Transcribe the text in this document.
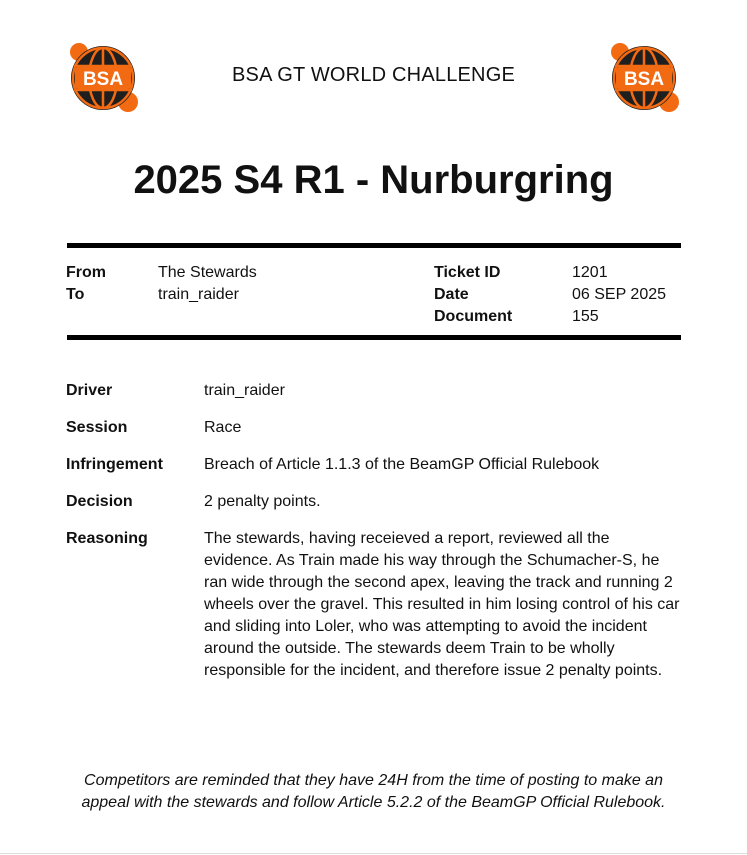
BSA	BSA GT WORLD CHALLENGE	BSA
2025 S4 R1 - Nurburgring
From	The Stewards
To	train_raider
Ticket ID	1201
Date	06 SEP 2025
Document	155
Driver	train_raider
Session	Race
Infringement	Breach of Article 1.1.3 of the BeamGP Official Rulebook
Decision	2 penalty points.
Reasoning	The stewards, having receieved a report, reviewed all the evidence. As Train made his way through the Schumacher-S, he ran wide through the second apex, leaving the track and running 2 wheels over the gravel. This resulted in him losing control of his car and sliding into Loler, who was attempting to avoid the incident around the outside. The stewards deem Train to be wholly responsible for the incident, and therefore issue 2 penalty points.
Competitors are reminded that they have 24H from the time of posting to make an appeal with the stewards and follow Article 5.2.2 of the BeamGP Official Rulebook.
